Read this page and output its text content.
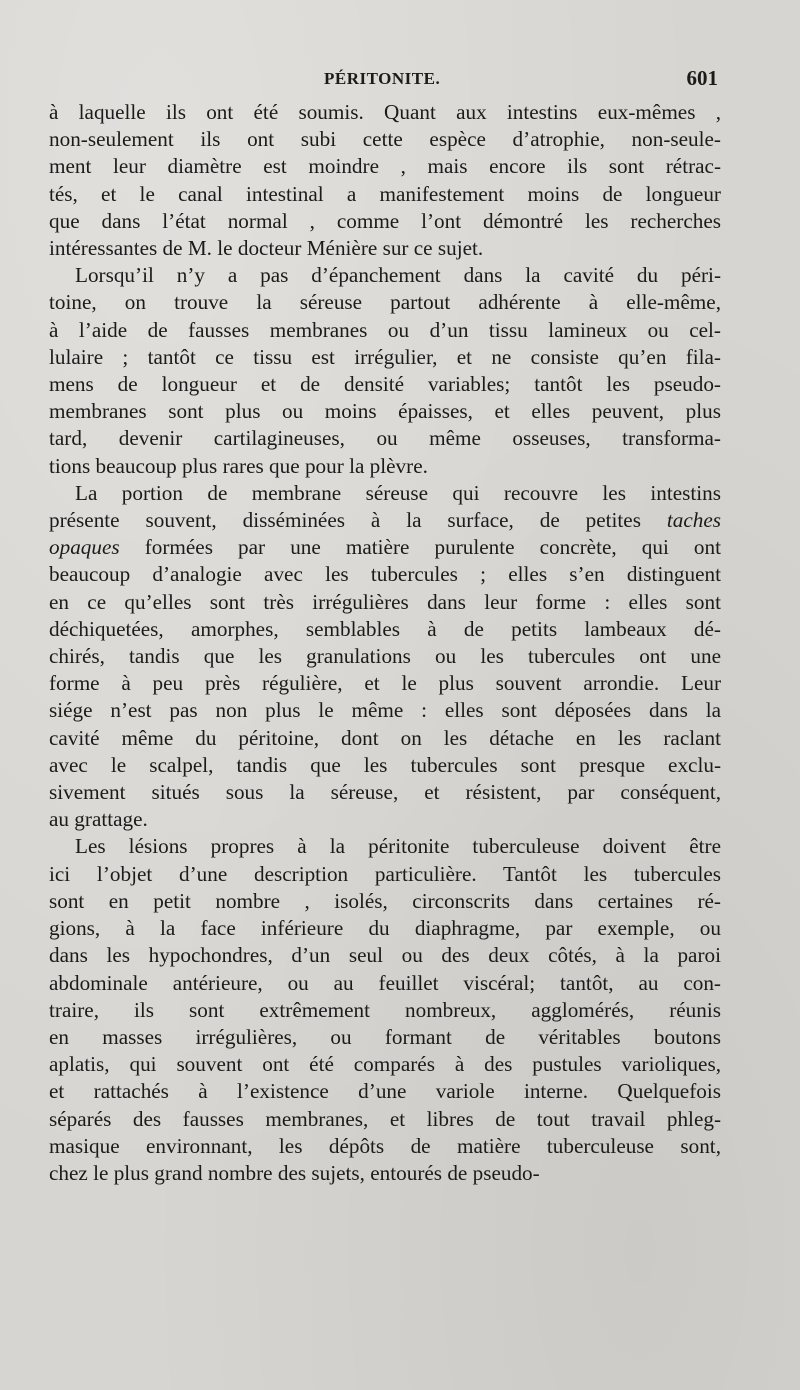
PÉRITONITE.	601
à laquelle ils ont été soumis. Quant aux intestins eux-mêmes ,
non-seulement ils ont subi cette espèce d’atrophie, non-seule-
ment leur diamètre est moindre , mais encore ils sont rétrac-
tés, et le canal intestinal a manifestement moins de longueur
que dans l’état normal , comme l’ont démontré les recherches
intéressantes de M. le docteur Ménière sur ce sujet.
Lorsqu’il n’y a pas d’épanchement dans la cavité du péri-
toine, on trouve la séreuse partout adhérente à elle-même,
à l’aide de fausses membranes ou d’un tissu lamineux ou cel-
lulaire ; tantôt ce tissu est irrégulier, et ne consiste qu’en fila-
mens de longueur et de densité variables; tantôt les pseudo-
membranes sont plus ou moins épaisses, et elles peuvent, plus
tard, devenir cartilagineuses, ou même osseuses, transforma-
tions beaucoup plus rares que pour la plèvre.
La portion de membrane séreuse qui recouvre les intestins
présente souvent, disséminées à la surface, de petites taches
opaques formées par une matière purulente concrète, qui ont
beaucoup d’analogie avec les tubercules ; elles s’en distinguent
en ce qu’elles sont très irrégulières dans leur forme : elles sont
déchiquetées, amorphes, semblables à de petits lambeaux dé-
chirés, tandis que les granulations ou les tubercules ont une
forme à peu près régulière, et le plus souvent arrondie. Leur
siége n’est pas non plus le même : elles sont déposées dans la
cavité même du péritoine, dont on les détache en les raclant
avec le scalpel, tandis que les tubercules sont presque exclu-
sivement situés sous la séreuse, et résistent, par conséquent,
au grattage.
Les lésions propres à la péritonite tuberculeuse doivent être
ici l’objet d’une description particulière. Tantôt les tubercules
sont en petit nombre , isolés, circonscrits dans certaines ré-
gions, à la face inférieure du diaphragme, par exemple, ou
dans les hypochondres, d’un seul ou des deux côtés, à la paroi
abdominale antérieure, ou au feuillet viscéral; tantôt, au con-
traire, ils sont extrêmement nombreux, agglomérés, réunis
en masses irrégulières, ou formant de véritables boutons
aplatis, qui souvent ont été comparés à des pustules varioliques,
et rattachés à l’existence d’une variole interne. Quelquefois
séparés des fausses membranes, et libres de tout travail phleg-
masique environnant, les dépôts de matière tuberculeuse sont,
chez le plus grand nombre des sujets, entourés de pseudo-
